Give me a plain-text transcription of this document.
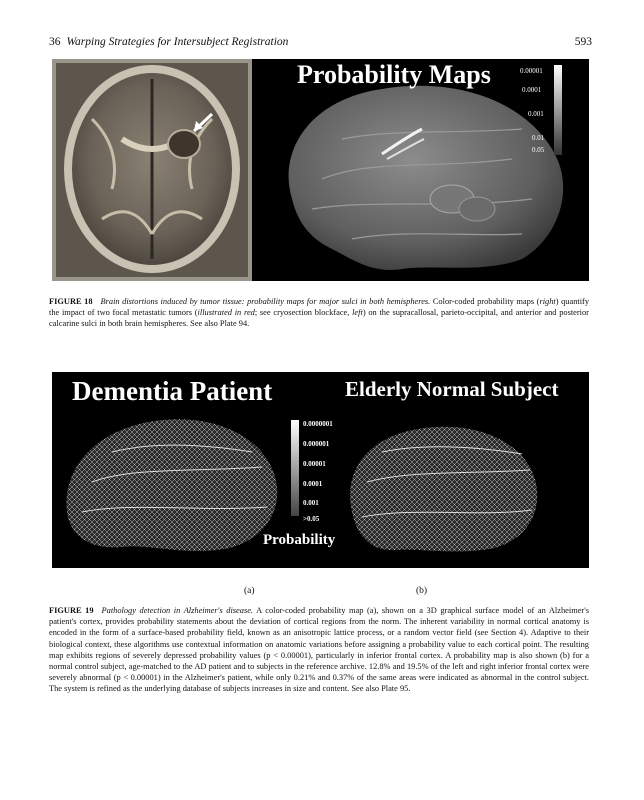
36 Warping Strategies for Intersubject Registration	593
Probability Maps	0.00001
0.0001
0.001
0.01
0.05
FIGURE 18 Brain distortions induced by tumor tissue: probability maps for major sulci in both hemispheres. Color-coded probability maps (right) quantify the impact of two focal metastatic tumors (illustrated in red; see cryosection blockface, left) on the supracallosal, parieto-occipital, and anterior and posterior calcarine sulci in both brain hemispheres. See also Plate 94.
Dementia Patient	Elderly Normal Subject
0.0000001
0.000001
0.00001
0.0001
0.001
>0.05
Probability
(a)	(b)
FIGURE 19 Pathology detection in Alzheimer's disease. A color-coded probability map (a), shown on a 3D graphical surface model of an Alzheimer's patient's cortex, provides probability statements about the deviation of cortical regions from the norm. The inherent variability in normal cortical anatomy is encoded in the form of a surface-based probability field, known as an anisotropic lattice process, or a random vector field (see Section 4). Adaptive to their biological context, these algorithms use contextual information on anatomic variations before assigning a probability value to each cortical point. The resulting map exhibits regions of severely depressed probability values (p < 0.00001), particularly in inferior frontal cortex. A probability map is also shown (b) for a normal control subject, age-matched to the AD patient and to subjects in the reference archive. 12.8% and 19.5% of the left and right inferior frontal cortex were severely abnormal (p < 0.00001) in the Alzheimer's patient, while only 0.21% and 0.37% of the same areas were indicated as abnormal in the control subject. The system is refined as the underlying database of subjects increases in size and content. See also Plate 95.
